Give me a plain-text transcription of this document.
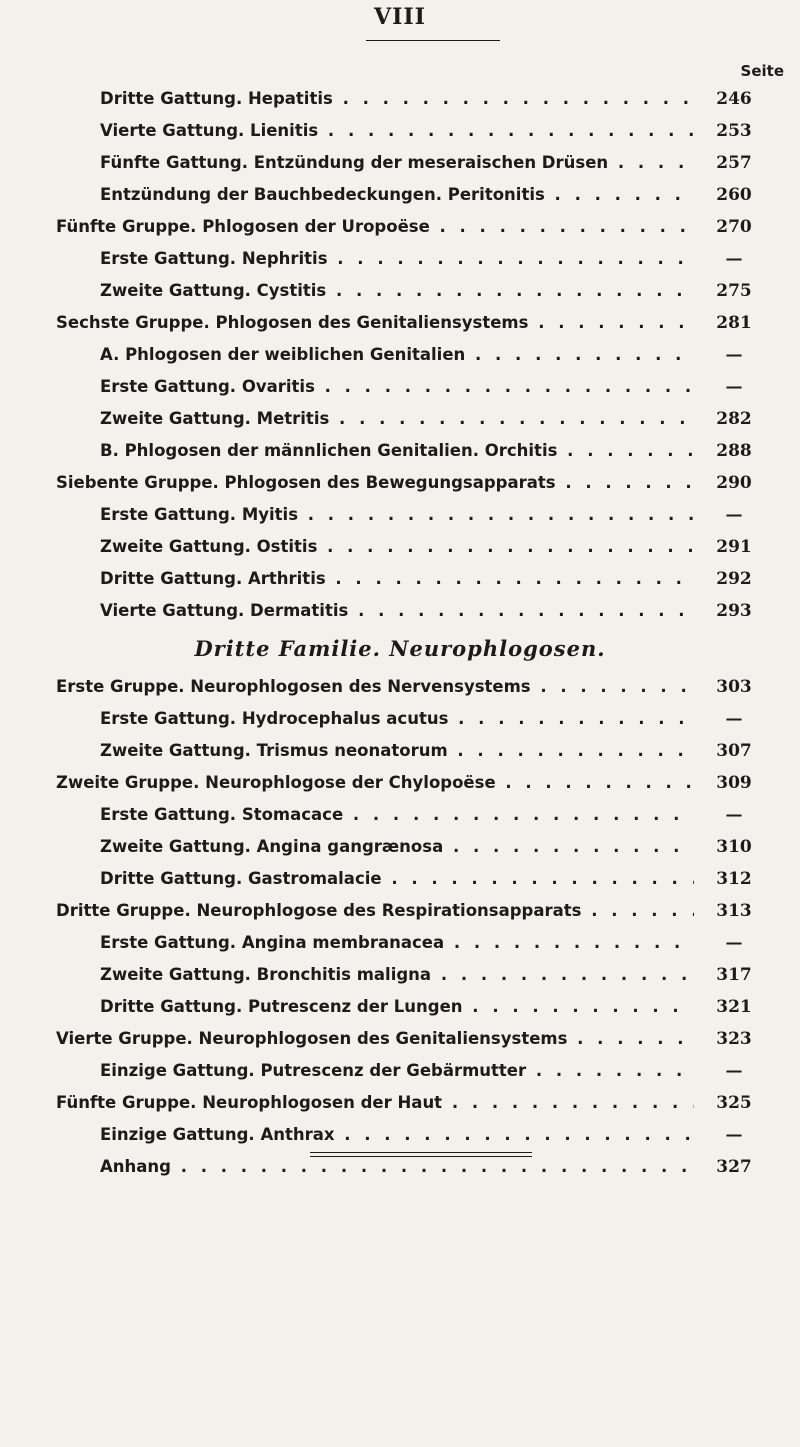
VIII
Seite
Dritte Gattung. Hepatitis . . .	246
Vierte Gattung. Lienitis . . .	253
Fünfte Gattung. Entzündung der meseraischen Drüsen . . .	257
Entzündung der Bauchbedeckungen. Peritonitis . . .	260
Fünfte Gruppe. Phlogosen der Uropoëse . . .	270
Erste Gattung. Nephritis . . .	—
Zweite Gattung. Cystitis . . .	275
Sechste Gruppe. Phlogosen des Genitaliensystems . . .	281
A. Phlogosen der weiblichen Genitalien . . .	—
Erste Gattung. Ovaritis . . .	—
Zweite Gattung. Metritis . . .	282
B. Phlogosen der männlichen Genitalien. Orchitis . . .	288
Siebente Gruppe. Phlogosen des Bewegungsapparats . . .	290
Erste Gattung. Myitis . . .	—
Zweite Gattung. Ostitis . . .	291
Dritte Gattung. Arthritis . . .	292
Vierte Gattung. Dermatitis . . .	293
Dritte Familie. Neurophlogosen.
Erste Gruppe. Neurophlogosen des Nervensystems . . .	303
Erste Gattung. Hydrocephalus acutus . . .	—
Zweite Gattung. Trismus neonatorum . . .	307
Zweite Gruppe. Neurophlogose der Chylopoëse . . .	309
Erste Gattung. Stomacace . . .	—
Zweite Gattung. Angina gangrænosa . . .	310
Dritte Gattung. Gastromalacie . . .	312
Dritte Gruppe. Neurophlogose des Respirationsapparats . . .	313
Erste Gattung. Angina membranacea . . .	—
Zweite Gattung. Bronchitis maligna . . .	317
Dritte Gattung. Putrescenz der Lungen . . .	321
Vierte Gruppe. Neurophlogosen des Genitaliensystems . . .	323
Einzige Gattung. Putrescenz der Gebärmutter . . .	—
Fünfte Gruppe. Neurophlogosen der Haut . . .	325
Einzige Gattung. Anthrax . . .	—
Anhang . . .	327
